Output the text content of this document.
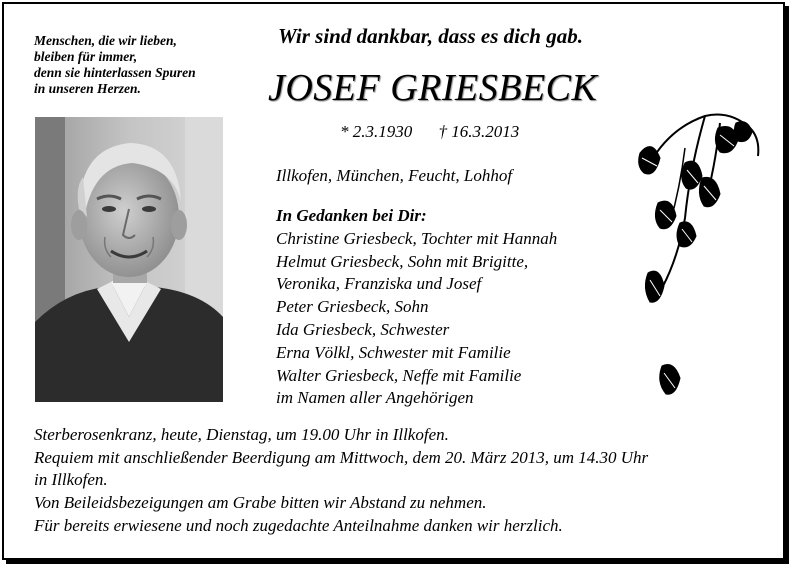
Menschen, die wir lieben,
bleiben für immer,
denn sie hinterlassen Spuren
in unseren Herzen.
Wir sind dankbar, dass es dich gab.
JOSEF GRIESBECK
* 2.3.1930 † 16.3.2013
Illkofen, München, Feucht, Lohhof
In Gedanken bei Dir:
Christine Griesbeck, Tochter mit Hannah
Helmut Griesbeck, Sohn mit Brigitte,
Veronika, Franziska und Josef
Peter Griesbeck, Sohn
Ida Griesbeck, Schwester
Erna Völkl, Schwester mit Familie
Walter Griesbeck, Neffe mit Familie
im Namen aller Angehörigen
Sterberosenkranz, heute, Dienstag, um 19.00 Uhr in Illkofen.
Requiem mit anschließender Beerdigung am Mittwoch, dem 20. März 2013, um 14.30 Uhr
in Illkofen.
Von Beileidsbezeigungen am Grabe bitten wir Abstand zu nehmen.
Für bereits erwiesene und noch zugedachte Anteilnahme danken wir herzlich.
